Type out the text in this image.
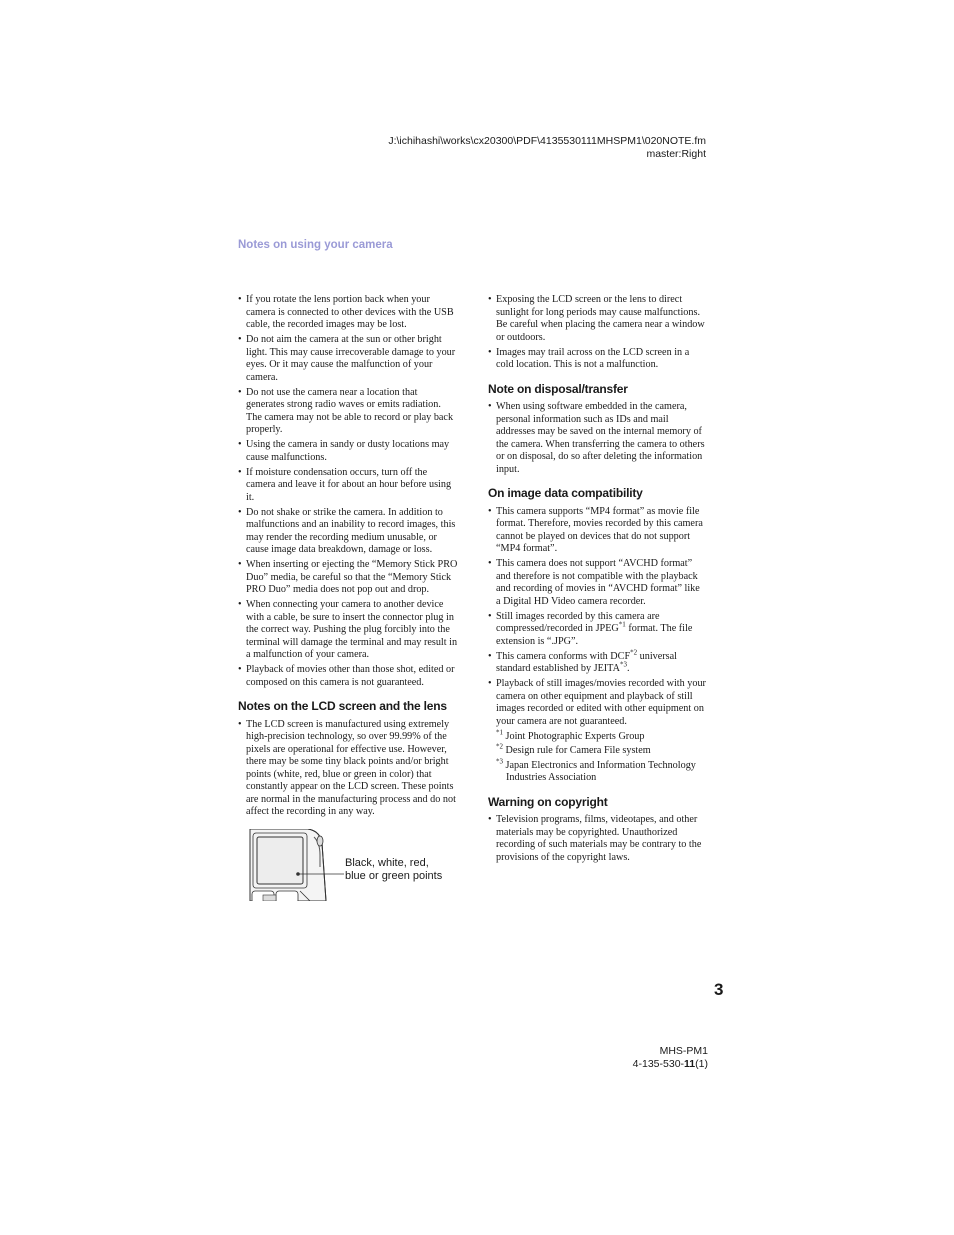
J:\ichihashi\works\cx20300\PDF\4135530111MHSPM1\020NOTE.fm
master:Right
Notes on using your camera
• If you rotate the lens portion back when your camera is connected to other devices with the USB cable, the recorded images may be lost.
• Do not aim the camera at the sun or other bright light. This may cause irrecoverable damage to your eyes. Or it may cause the malfunction of your camera.
• Do not use the camera near a location that generates strong radio waves or emits radiation. The camera may not be able to record or play back properly.
• Using the camera in sandy or dusty locations may cause malfunctions.
• If moisture condensation occurs, turn off the camera and leave it for about an hour before using it.
• Do not shake or strike the camera. In addition to malfunctions and an inability to record images, this may render the recording medium unusable, or cause image data breakdown, damage or loss.
• When inserting or ejecting the “Memory Stick PRO Duo” media, be careful so that the “Memory Stick PRO Duo” media does not pop out and drop.
• When connecting your camera to another device with a cable, be sure to insert the connector plug in the correct way. Pushing the plug forcibly into the terminal will damage the terminal and may result in a malfunction of your camera.
• Playback of movies other than those shot, edited or composed on this camera is not guaranteed.
Notes on the LCD screen and the lens
• The LCD screen is manufactured using extremely high-precision technology, so over 99.99% of the pixels are operational for effective use. However, there may be some tiny black points and/or bright points (white, red, blue or green in color) that constantly appear on the LCD screen. These points are normal in the manufacturing process and do not affect the recording in any way.
Black, white, red, blue or green points
• Exposing the LCD screen or the lens to direct sunlight for long periods may cause malfunctions. Be careful when placing the camera near a window or outdoors.
• Images may trail across on the LCD screen in a cold location. This is not a malfunction.
Note on disposal/transfer
• When using software embedded in the camera, personal information such as IDs and mail addresses may be saved on the internal memory of the camera. When transferring the camera to others or on disposal, do so after deleting the information input.
On image data compatibility
• This camera supports “MP4 format” as movie file format. Therefore, movies recorded by this camera cannot be played on devices that do not support “MP4 format”.
• This camera does not support “AVCHD format” and therefore is not compatible with the playback and recording of movies in “AVCHD format” like a Digital HD Video camera recorder.
• Still images recorded by this camera are compressed/recorded in JPEG$^{*1}$ format. The file extension is “.JPG”.
• This camera conforms with DCF$^{*2}$ universal standard established by JEITA$^{*3}$.
• Playback of still images/movies recorded with your camera on other equipment and playback of still images recorded or edited with other equipment on your camera are not guaranteed.
$^{*1}$ Joint Photographic Experts Group
$^{*2}$ Design rule for Camera File system
$^{*3}$ Japan Electronics and Information Technology Industries Association
Warning on copyright
• Television programs, films, videotapes, and other materials may be copyrighted. Unauthorized recording of such materials may be contrary to the provisions of the copyright laws.
3
MHS-PM1
4-135-530-11(1)
